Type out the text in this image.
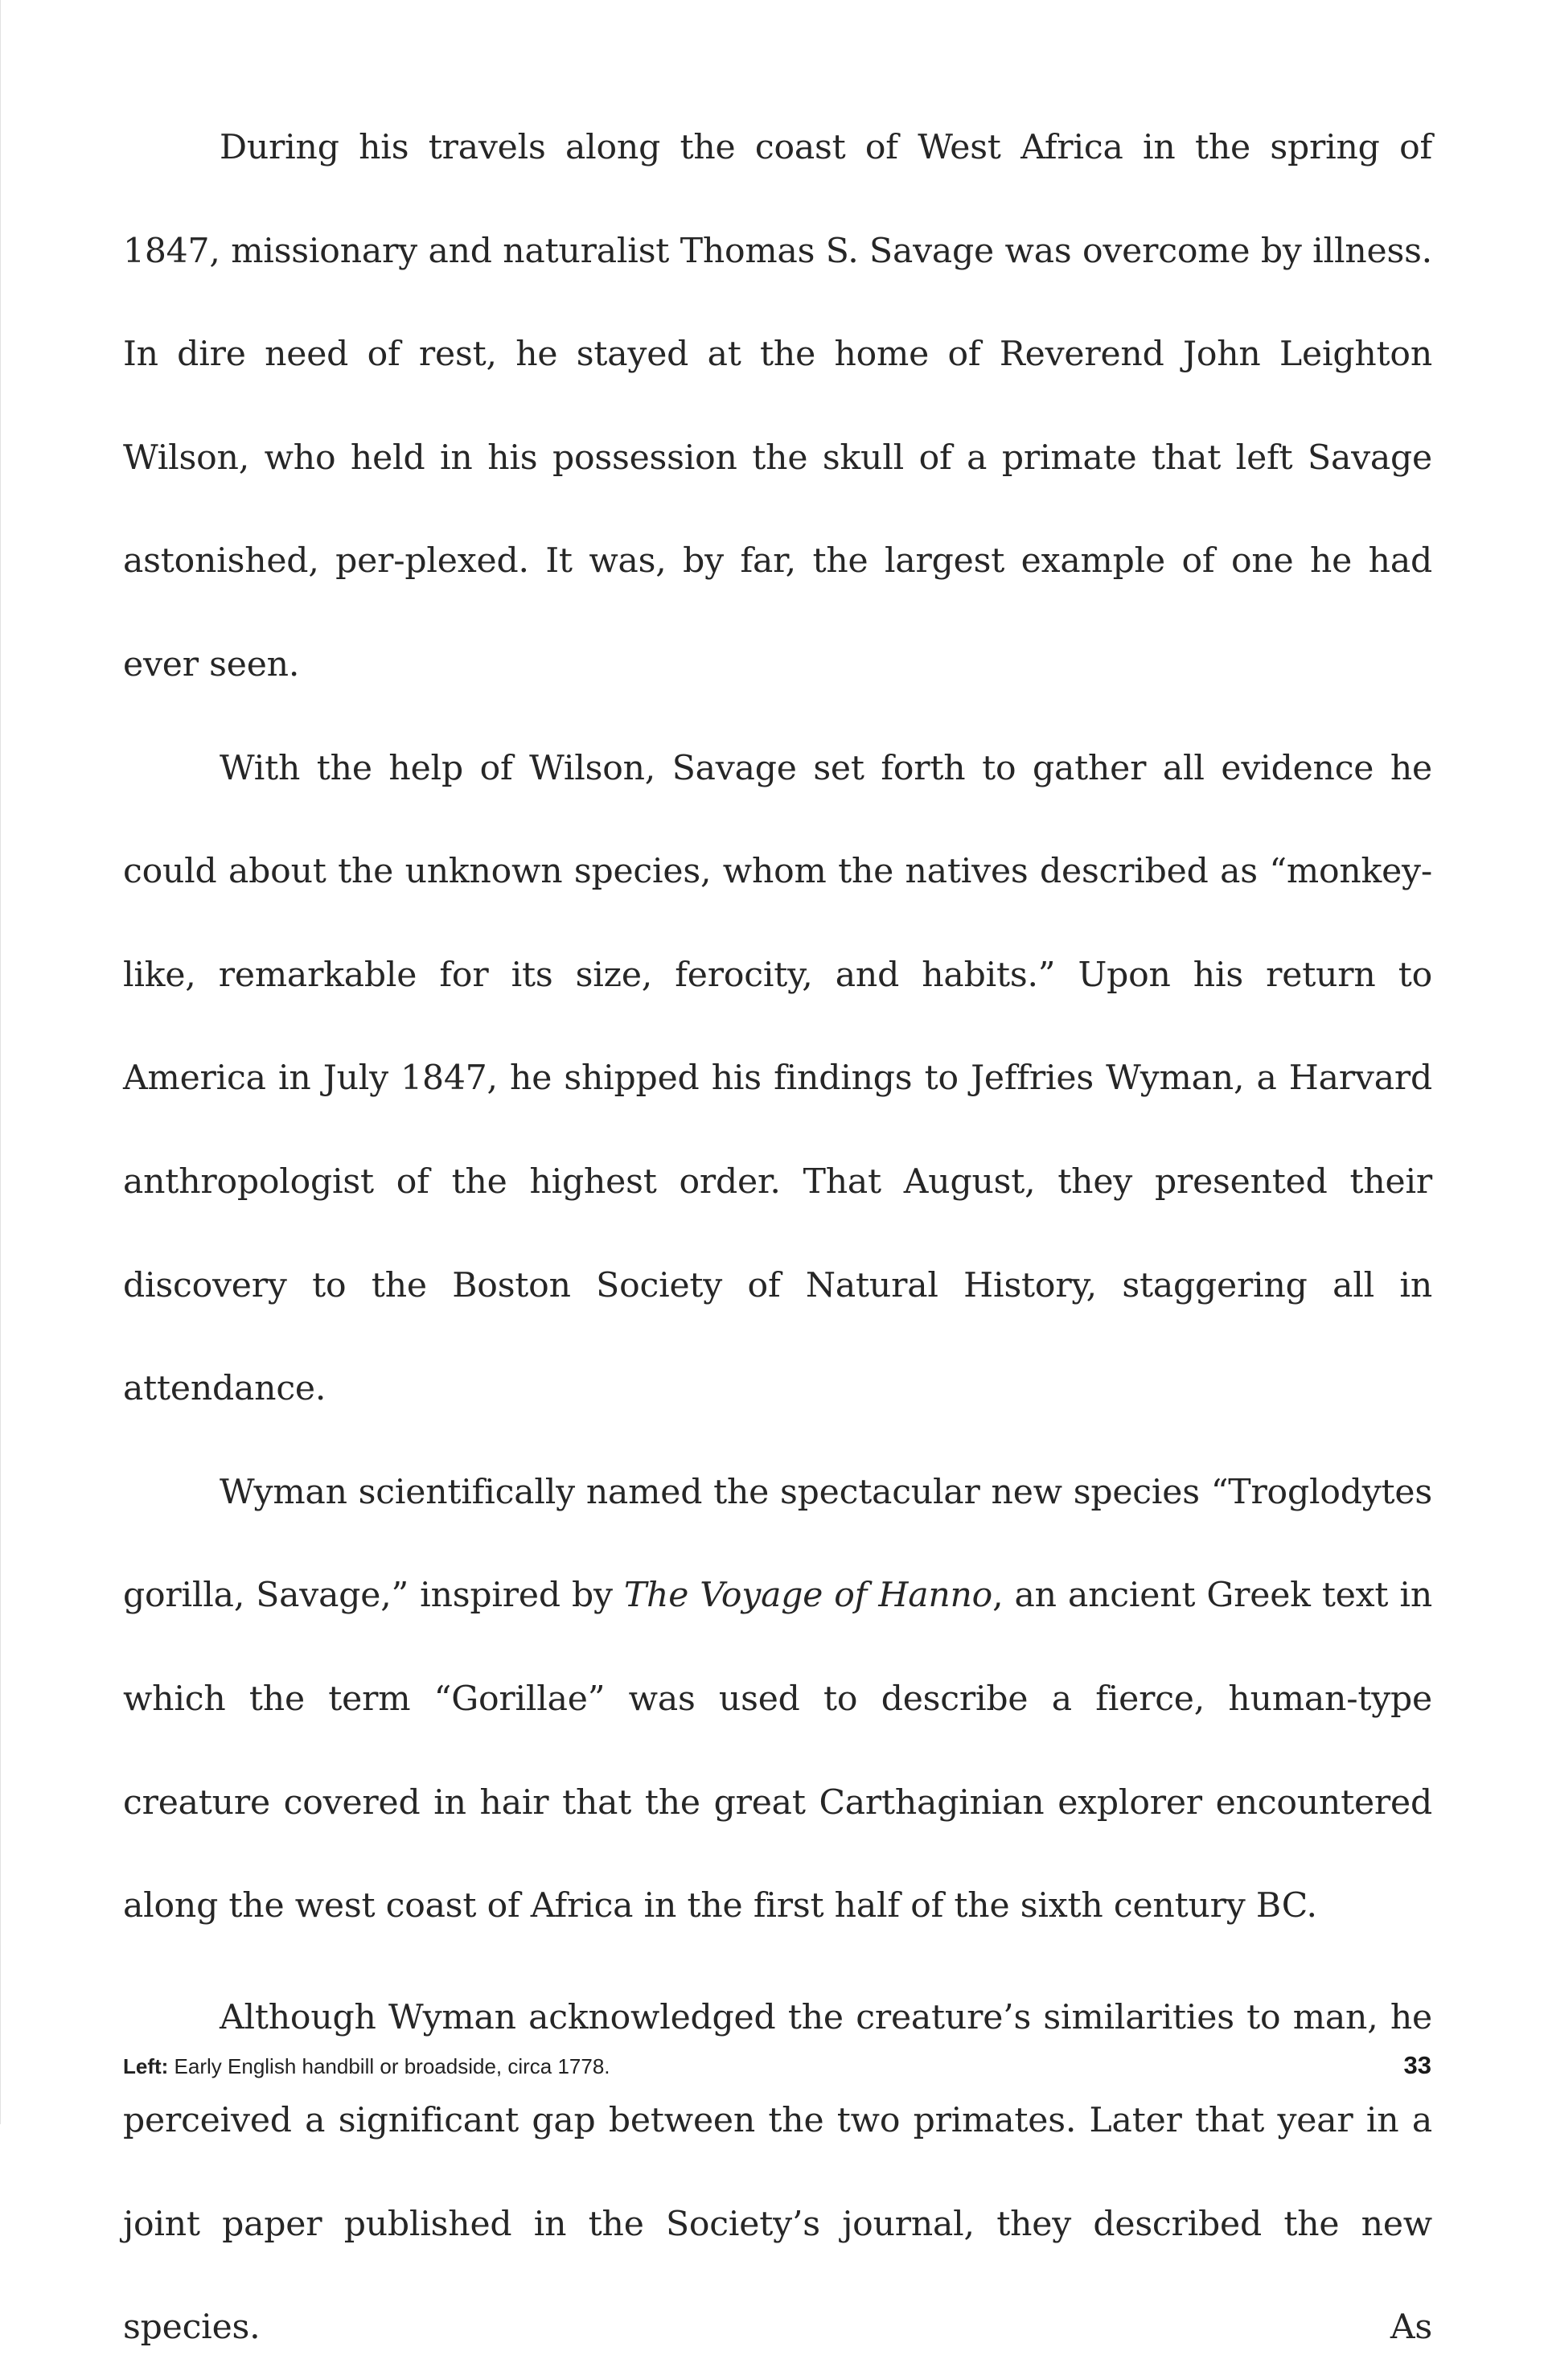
During his travels along the coast of West Africa in the spring of 1847, missionary and naturalist Thomas S. Savage was overcome by illness. In dire need of rest, he stayed at the home of Reverend John Leighton Wilson, who held in his possession the skull of a primate that left Savage astonished, per-plexed. It was, by far, the largest example of one he had ever seen.

With the help of Wilson, Savage set forth to gather all evidence he could about the unknown species, whom the natives described as “monkey-like, remarkable for its size, ferocity, and habits.” Upon his return to America in July 1847, he shipped his findings to Jeffries Wyman, a Harvard anthropologist of the highest order. That August, they presented their discovery to the Boston Society of Natural History, staggering all in attendance.

Wyman scientifically named the spectacular new species “Troglodytes gorilla, Savage,” inspired by The Voyage of Hanno, an ancient Greek text in which the term “Gorillae” was used to describe a fierce, human-type creature covered in hair that the great Carthaginian explorer encountered along the west coast of Africa in the first half of the sixth century BC.

Although Wyman acknowledged the creature’s similarities to man, he perceived a significant gap between the two primates. Later that year in a joint paper published in the Society’s journal, they described the new species. As

Left: Early English handbill or broadside, circa 1778.	33
